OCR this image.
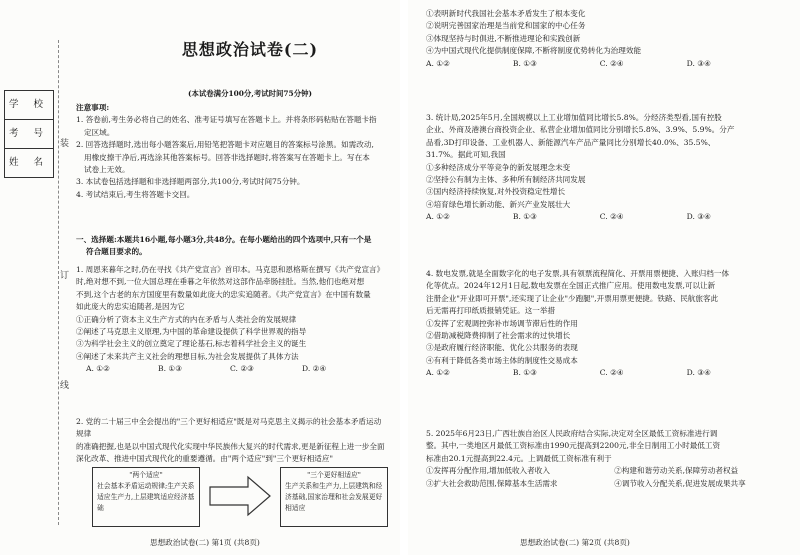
装
订
线
学 校
考 号
姓 名
思想政治试卷(二)
(本试卷满分100分,考试时间75分钟)

注意事项:

1. 答卷前,考生务必将自己的姓名、准考证号填写在答题卡上。并将条形码粘贴在答题卡指

定区域。

2. 回答选择题时,选出每小题答案后,用铅笔把答题卡对应题目的答案标号涂黑。如需改动,

用橡皮擦干净后,再选涂其他答案标号。回答非选择题时,将答案写在答题卡上。写在本

试卷上无效。

3. 本试卷包括选择题和非选择题两部分,共100分,考试时间75分钟。

4. 考试结束后,考生将答题卡交回。

一、选择题:本题共16小题,每小题3分,共48分。在每小题给出的四个选项中,只有一个是

符合题目要求的。

1. 周恩来暮年之时,仍在寻找《共产党宣言》首印本。马克思和恩格斯在撰写《共产党宣言》

时,绝对想不到,一位大国总理在垂暮之年依然对这部作品牵肠挂肚。当然,他们也绝对想

不到,这个古老的东方国度里有数量如此庞大的忠实追随者。《共产党宣言》在中国有数量

如此庞大的忠实追随者,是因为它

①正确分析了资本主义生产方式的内在矛盾与人类社会的发展规律

②阐述了马克思主义原理,为中国的革命建设提供了科学世界观的指导

③为科学社会主义的创立奠定了理论基石,标志着科学社会主义的诞生

④阐述了未来共产主义社会的理想目标,为社会发展提供了具体方法

A. ①②	B. ①③	C. ②③	D. ②④

2. 党的二十届三中全会提出的"三个更好相适应"既是对马克思主义揭示的社会基本矛盾运动规律

的准确把握,也是以中国式现代化实现中华民族伟大复兴的时代需求,更是新征程上进一步全面

深化改革、推进中国式现代化的重要遵循。由"两个适应"到"三个更好相适应"

"两个适应"
社会基本矛盾运动规律;生产关系适应生产力,上层建筑适应经济基础
"三个更好相适应"
生产关系和生产力,上层建筑和经济基础,国家治理和社会发展更好相适应
思想政治试卷(二) 第1页 (共8页)

①表明新时代我国社会基本矛盾发生了根本变化

②说明完善国家治理是当前党和国家的中心任务

③体现坚持与时俱进,不断推进理论和实践创新

④为中国式现代化提供制度保障,不断将制度优势转化为治理效能

A. ①②	B. ①③	C. ②④	D. ③④

3. 统计局,2025年5月,全国规模以上工业增加值同比增长5.8%。分经济类型看,国有控股

企业、外商及港澳台商投资企业、私营企业增加值同比分别增长5.8%、3.9%、5.9%。分产

品看,3D打印设备、工业机器人、新能源汽车产品产量同比分别增长40.0%、35.5%、

31.7%。据此可知,我国

①多种经济成分平等竞争的新发展理念未变

②坚持公有制为主体、多种所有制经济共同发展

③国内经济持续恢复,对外投资稳定性增长

④培育绿色增长新动能、新兴产业发展壮大

A. ①②	B. ①③	C. ②④	D. ③④

4. 数电发票,就是全面数字化的电子发票,具有领票流程简化、开票用票便捷、入账归档一体

化等优点。2024年12月1日起,数电发票在全国正式推广应用。使用数电发票,可以让新

注册企业"开业即可开票",还实现了让企业"少跑腿",开票用票更便捷。铁路、民航旅客此

后无需再打印纸质报销凭证。这一举措

①发挥了宏观调控弥补市场调节滞后性的作用

②借助减税降费抑制了社会需求的过快增长

③是政府履行经济职能、优化公共服务的表现

④有利于降低各类市场主体的制度性交易成本

A. ①②	B. ①③	C. ②④	D. ③④

5. 2025年6月23日,广西壮族自治区人民政府结合实际,决定对全区最低工资标准进行调

整。其中,一类地区月最低工资标准由1990元提高到2200元,非全日制用工小时最低工资

标准由20.1元提高到22.4元。上调最低工资标准有利于

①发挥再分配作用,增加低收入者收入	②构建和谐劳动关系,保障劳动者权益
③扩大社会救助范围,保障基本生活需求	④调节收入分配关系,促进发展成果共享
思想政治试卷(二) 第2页 (共8页)
